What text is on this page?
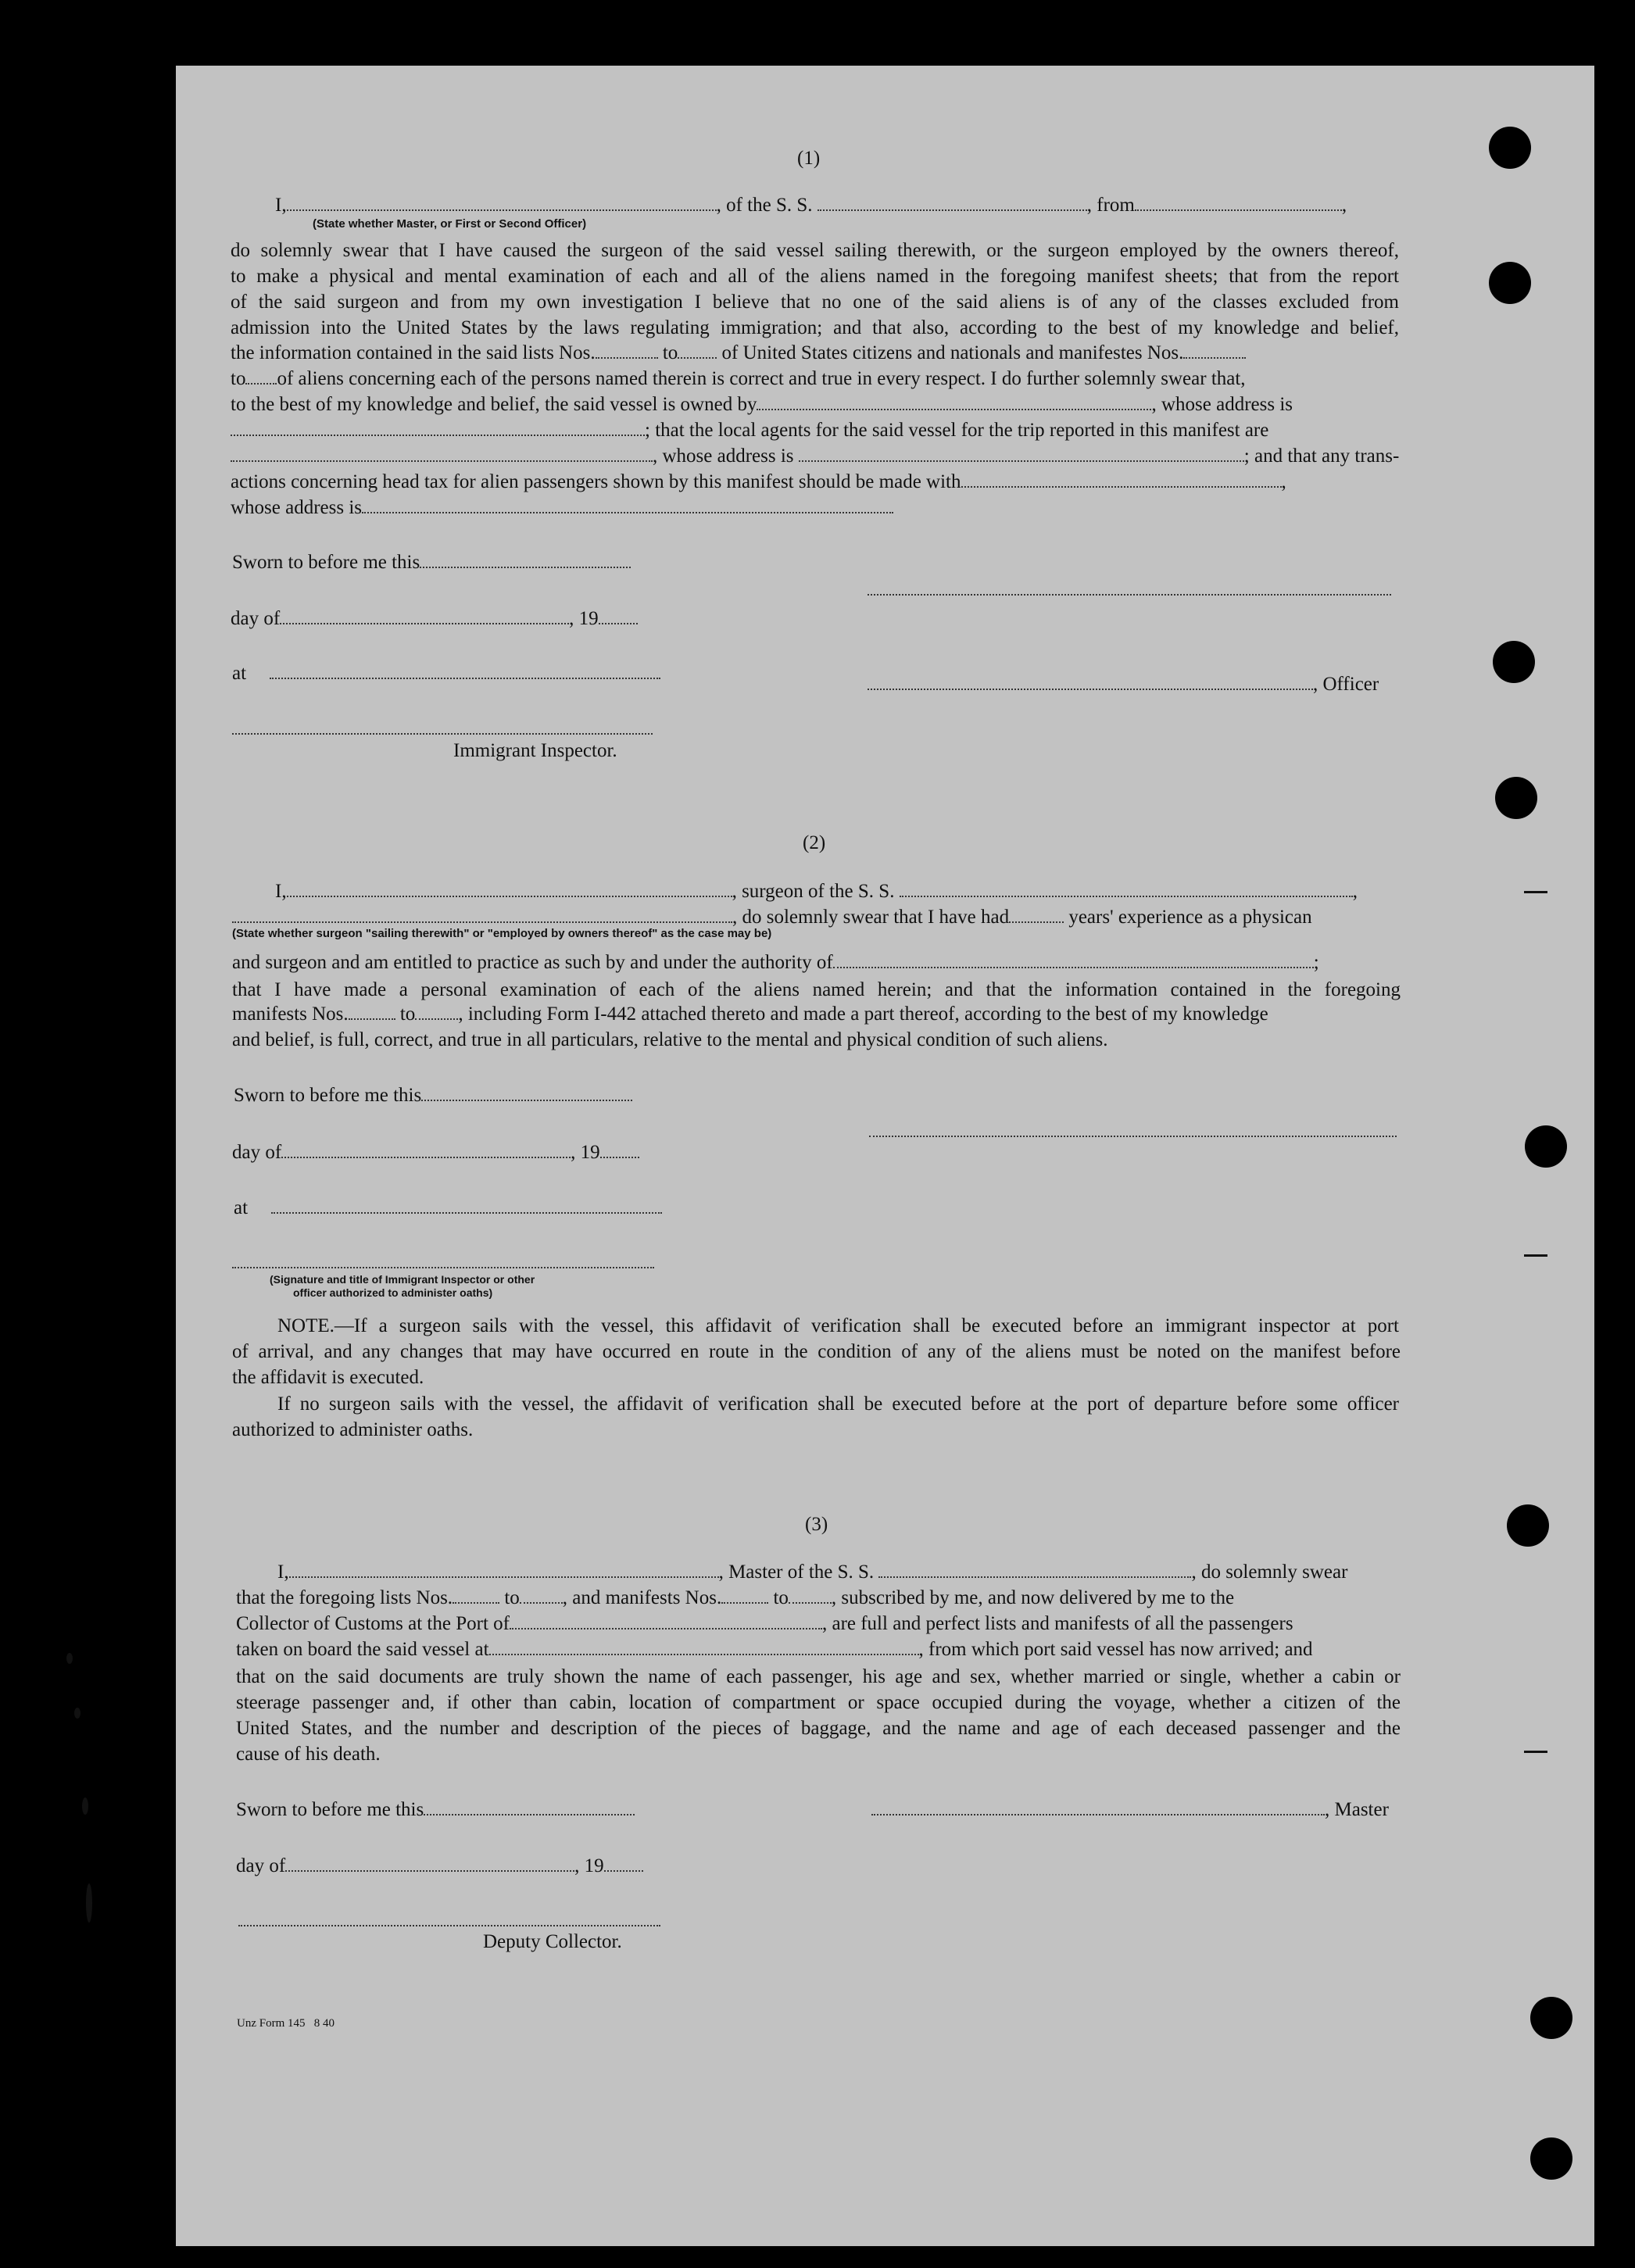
(1)
I,	, of the S. S.	, from	,
(State whether Master, or First or Second Officer)
do solemnly swear that I have caused the surgeon of the said vessel sailing therewith, or the surgeon employed by the owners thereof,
to make a physical and mental examination of each and all of the aliens named in the foregoing manifest sheets; that from the report
of the said surgeon and from my own investigation I believe that no one of the said aliens is of any of the classes excluded from
admission into the United States by the laws regulating immigration; and that also, according to the best of my knowledge and belief,
the information contained in the said lists Nos.	to of United States citizens and nationals and manifestes Nos.
to of aliens concerning each of the persons named therein is correct and true in every respect. I do further solemnly swear that,
to the best of my knowledge and belief, the said vessel is owned by	, whose address is
; that the local agents for the said vessel for the trip reported in this manifest are
, whose address is	; and that any trans-
actions concerning head tax for alien passengers shown by this manifest should be made with	,
whose address is
Sworn to before me this
day of	, 19
at
, Officer
Immigrant Inspector.
(2)
I,	, surgeon of the S. S.	,
, do solemnly swear that I have had	years' experience as a physican
(State whether surgeon "sailing therewith" or "employed by owners thereof" as the case may be)
and surgeon and am entitled to practice as such by and under the authority of	;
that I have made a personal examination of each of the aliens named herein; and that the information contained in the foregoing
manifests Nos.	to , including Form I-442 attached thereto and made a part thereof, according to the best of my knowledge
and belief, is full, correct, and true in all particulars, relative to the mental and physical condition of such aliens.
Sworn to before me this
day of	, 19
at
(Signature and title of Immigrant Inspector or other
officer authorized to administer oaths)
NOTE.—If a surgeon sails with the vessel, this affidavit of verification shall be executed before an immigrant inspector at port
of arrival, and any changes that may have occurred en route in the condition of any of the aliens must be noted on the manifest before
the affidavit is executed.
If no surgeon sails with the vessel, the affidavit of verification shall be executed before at the port of departure before some officer
authorized to administer oaths.
(3)
I,	, Master of the S. S.	, do solemnly swear
that the foregoing lists Nos.	to , and manifests Nos.	to , subscribed by me, and now delivered by me to the
Collector of Customs at the Port of	, are full and perfect lists and manifests of all the passengers
taken on board the said vessel at	, from which port said vessel has now arrived; and
that on the said documents are truly shown the name of each passenger, his age and sex, whether married or single, whether a cabin or
steerage passenger and, if other than cabin, location of compartment or space occupied during the voyage, whether a citizen of the
United States, and the number and description of the pieces of baggage, and the name and age of each deceased passenger and the
cause of his death.
Sworn to before me this	, Master
day of	, 19
Deputy Collector.
Unz Form 145 8 40
